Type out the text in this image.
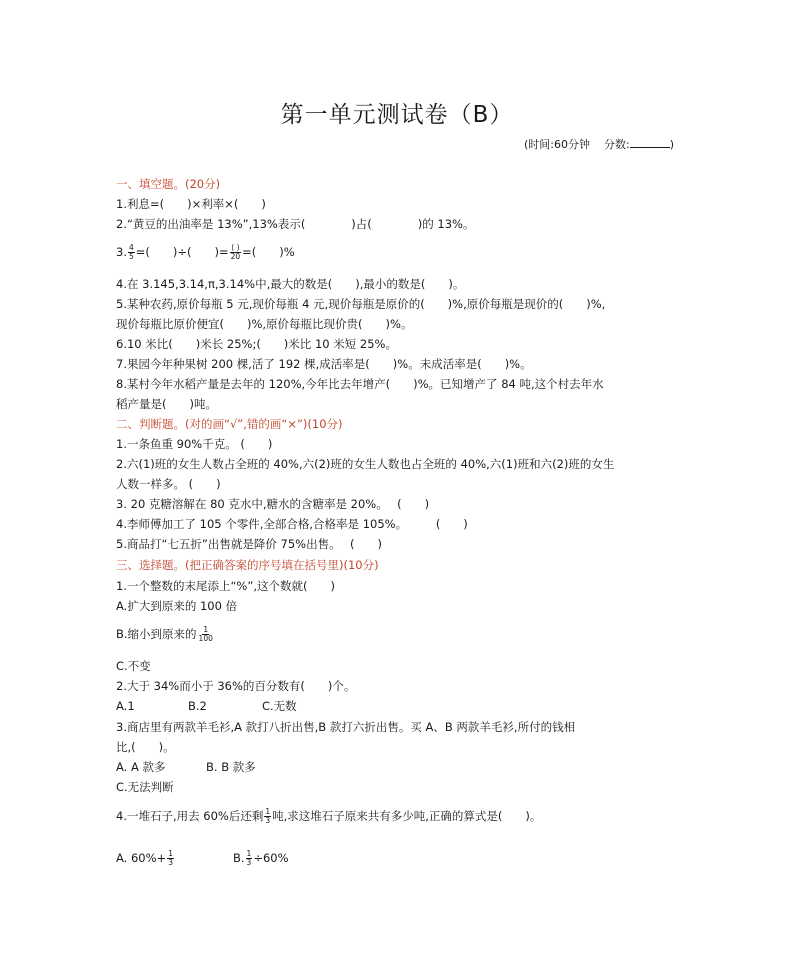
第一单元测试卷（B）
(时间:60分钟 分数:	)
一、填空题。(20分)
1.利息=(　　)×利率×(　　)
2.“黄豆的出油率是 13%”,13%表示(　　　　)占(　　　　)的 13%。
3. $\frac{4}{5}$ =(　　)÷(　　)= $\frac{( )}{20}$ =(　　)%
4.在 3.145,3.14,π,3.14%中,最大的数是(　　),最小的数是(　　)。
5.某种农药,原价每瓶 5 元,现价每瓶 4 元,现价每瓶是原价的(　　)%,原价每瓶是现价的(　　)%,
现价每瓶比原价便宜(　　)%,原价每瓶比现价贵(　　)%。
6.10 米比(　　)米长 25%;(　　)米比 10 米短 25%。
7.果园今年种果树 200 棵,活了 192 棵,成活率是(　　)%。未成活率是(　　)%。
8.某村今年水稻产量是去年的 120%,今年比去年增产(　　)%。已知增产了 84 吨,这个村去年水
稻产量是(　　)吨。
二、判断题。(对的画“√”,错的画“×”)(10分)
1.一条鱼重 90%千克。 (　　)
2.六(1)班的女生人数占全班的 40%,六(2)班的女生人数也占全班的 40%,六(1)班和六(2)班的女生
人数一样多。 (　　)
3. 20 克糖溶解在 80 克水中,糖水的含糖率是 20%。　 (　　)
4.李师傅加工了 105 个零件,全部合格,合格率是 105%。　　　(　　)
5.商品打“七五折”出售就是降价 75%出售。　 (　　)
三、选择题。(把正确答案的序号填在括号里)(10分)
1.一个整数的末尾添上“%”,这个数就(　　)
A.扩大到原来的 100 倍
B.缩小到原来的 $\frac{1}{100}$
C.不变
2.大于 34%而小于 36%的百分数有(　　)个。
A.1	B.2	C.无数
3.商店里有两款羊毛衫,A 款打八折出售,B 款打六折出售。买 A、B 两款羊毛衫,所付的钱相
比,(　　)。
A. A 款多	B. B 款多
C.无法判断
4.一堆石子,用去 60%后还剩 $\frac{1}{3}$ 吨,求这堆石子原来共有多少吨,正确的算式是(　　)。
A. $60\%+ \frac{1}{3}$	B. $\frac{1}{3} \div 60\%$
